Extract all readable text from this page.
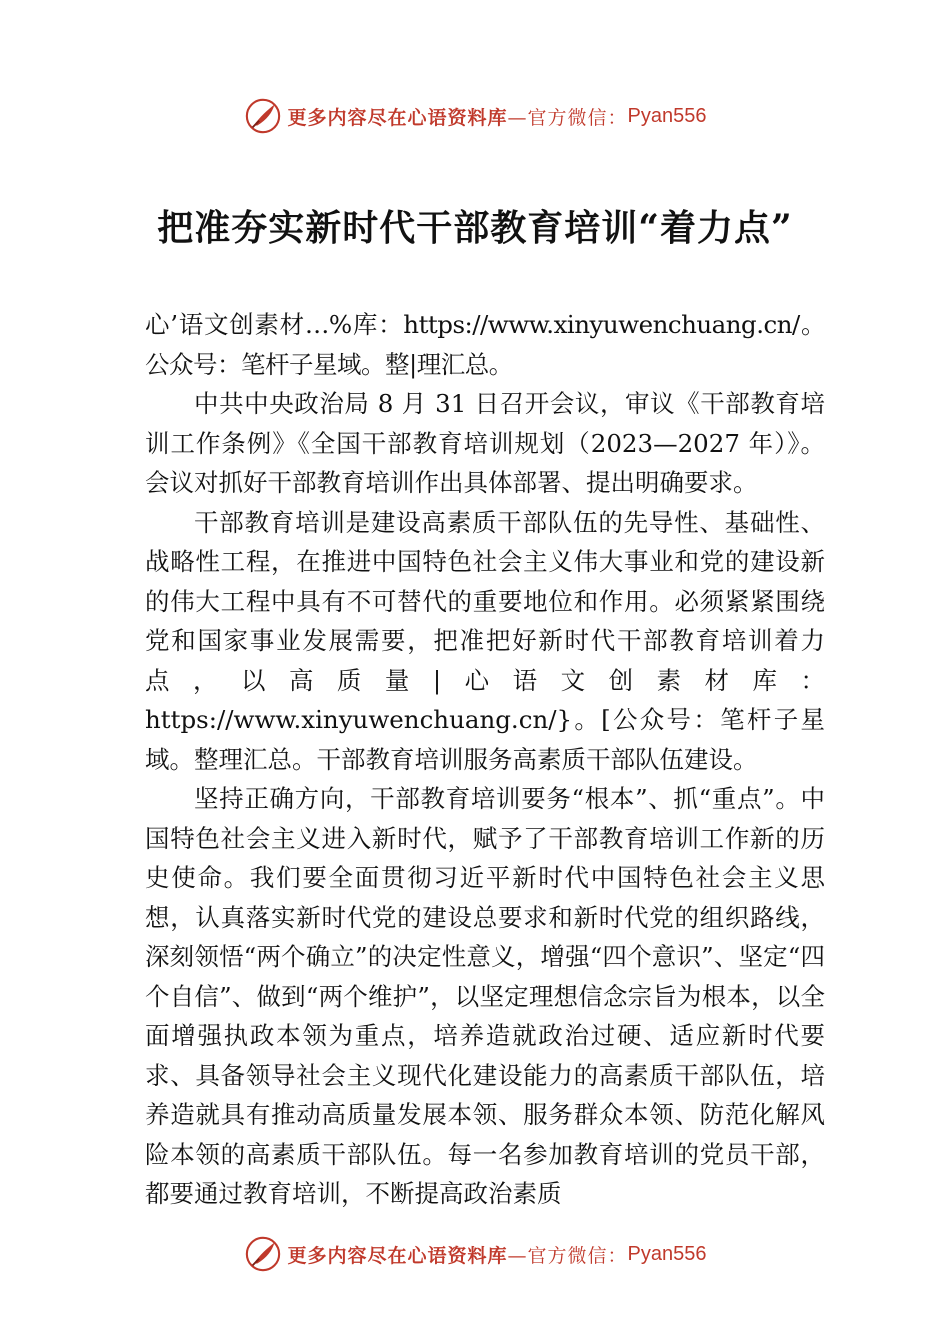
更多内容尽在心语资料库 —官方微信： Pyan556
把准夯实新时代干部教育培训“着力点”

心’语文创素材…%库：https://www.xinyuwenchuang.cn/。公众号：笔杆子星域。整|理汇总。

中共中央政治局 8 月 31 日召开会议，审议《干部教育培训工作条例》《全国干部教育培训规划（2023—2027 年）》。会议对抓好干部教育培训作出具体部署、提出明确要求。

干部教育培训是建设高素质干部队伍的先导性、基础性、战略性工程，在推进中国特色社会主义伟大事业和党的建设新的伟大工程中具有不可替代的重要地位和作用。必须紧紧围绕党和国家事业发展需要，把准把好新时代干部教育培训着力点，以高质量|心语文创素材库：https://www.xinyuwenchuang.cn/}。[公众号：笔杆子星域。整理汇总。干部教育培训服务高素质干部队伍建设。

坚持正确方向，干部教育培训要务“根本”、抓“重点”。中国特色社会主义进入新时代，赋予了干部教育培训工作新的历史使命。我们要全面贯彻习近平新时代中国特色社会主义思想，认真落实新时代党的建设总要求和新时代党的组织路线，深刻领悟“两个确立”的决定性意义，增强“四个意识”、坚定“四个自信”、做到“两个维护”，以坚定理想信念宗旨为根本，以全面增强执政本领为重点，培养造就政治过硬、适应新时代要求、具备领导社会主义现代化建设能力的高素质干部队伍，培养造就具有推动高质量发展本领、服务群众本领、防范化解风险本领的高素质干部队伍。每一名参加教育培训的党员干部，都要通过教育培训，不断提高政治素质

更多内容尽在心语资料库 —官方微信： Pyan556
